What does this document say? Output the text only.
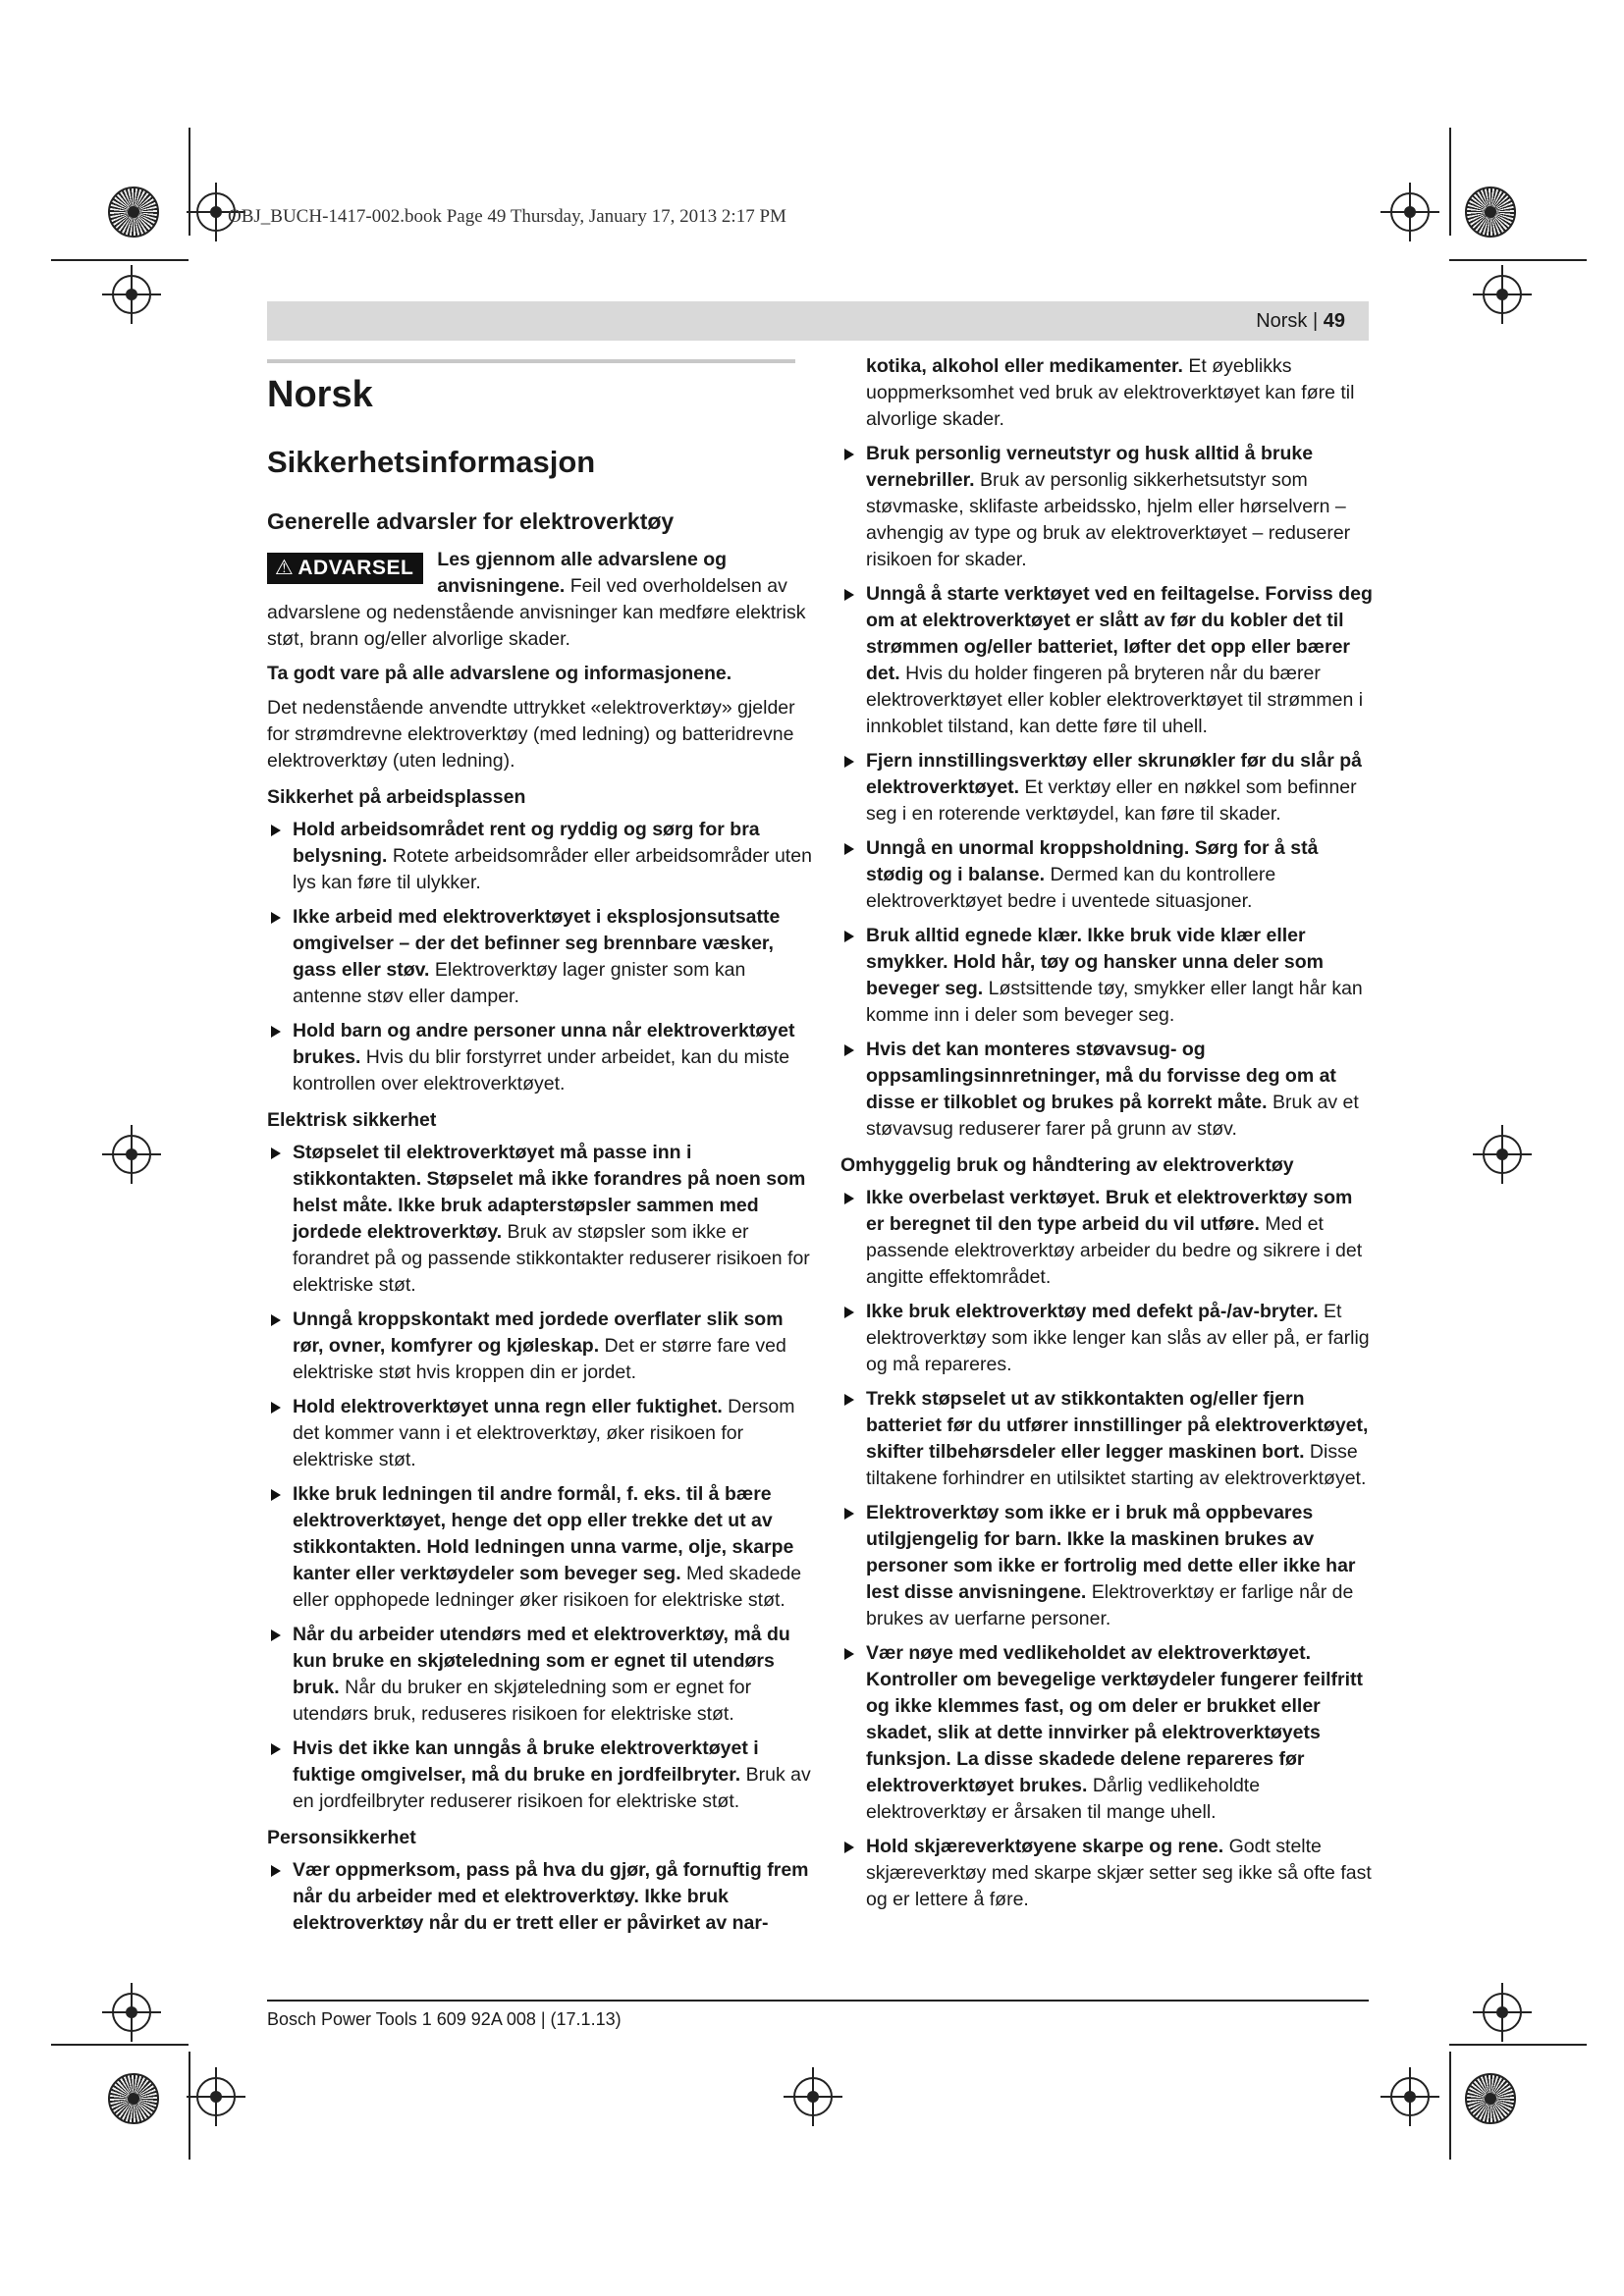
OBJ_BUCH-1417-002.book Page 49 Thursday, January 17, 2013 2:17 PM
Norsk | 49
Norsk
Sikkerhetsinformasjon
Generelle advarsler for elektroverktøy
⚠ ADVARSEL	Les gjennom alle advarslene og anvisningene. Feil ved overholdelsen av advarslene og nedenstående anvisninger kan medføre elektrisk støt, brann og/eller alvorlige skader.

Ta godt vare på alle advarslene og informasjonene.

Det nedenstående anvendte uttrykket «elektroverktøy» gjelder for strømdrevne elektroverktøy (med ledning) og batteridrevne elektroverktøy (uten ledning).

Sikkerhet på arbeidsplassen
Hold arbeidsområdet rent og ryddig og sørg for bra belysning. Rotete arbeidsområder eller arbeidsområder uten lys kan føre til ulykker.
Ikke arbeid med elektroverktøyet i eksplosjonsutsatte omgivelser – der det befinner seg brennbare væsker, gass eller støv. Elektroverktøy lager gnister som kan antenne støv eller damper.
Hold barn og andre personer unna når elektroverktøyet brukes. Hvis du blir forstyrret under arbeidet, kan du miste kontrollen over elektroverktøyet.
Elektrisk sikkerhet
Støpselet til elektroverktøyet må passe inn i stikkontakten. Støpselet må ikke forandres på noen som helst måte. Ikke bruk adapterstøpsler sammen med jordede elektroverktøy. Bruk av støpsler som ikke er forandret på og passende stikkontakter reduserer risikoen for elektriske støt.
Unngå kroppskontakt med jordede overflater slik som rør, ovner, komfyrer og kjøleskap. Det er større fare ved elektriske støt hvis kroppen din er jordet.
Hold elektroverktøyet unna regn eller fuktighet. Dersom det kommer vann i et elektroverktøy, øker risikoen for elektriske støt.
Ikke bruk ledningen til andre formål, f. eks. til å bære elektroverktøyet, henge det opp eller trekke det ut av stikkontakten. Hold ledningen unna varme, olje, skarpe kanter eller verktøydeler som beveger seg. Med skadede eller opphopede ledninger øker risikoen for elektriske støt.
Når du arbeider utendørs med et elektroverktøy, må du kun bruke en skjøteledning som er egnet til utendørs bruk. Når du bruker en skjøteledning som er egnet for utendørs bruk, reduseres risikoen for elektriske støt.
Hvis det ikke kan unngås å bruke elektroverktøyet i fuktige omgivelser, må du bruke en jordfeilbryter. Bruk av en jordfeilbryter reduserer risikoen for elektriske støt.
Personsikkerhet
Vær oppmerksom, pass på hva du gjør, gå fornuftig frem når du arbeider med et elektroverktøy. Ikke bruk elektroverktøy når du er trett eller er påvirket av nar-

kotika, alkohol eller medikamenter. Et øyeblikks uoppmerksomhet ved bruk av elektroverktøyet kan føre til alvorlige skader.

Bruk personlig verneutstyr og husk alltid å bruke vernebriller. Bruk av personlig sikkerhetsutstyr som støvmaske, sklifaste arbeidssko, hjelm eller hørselvern – avhengig av type og bruk av elektroverktøyet – reduserer risikoen for skader.
Unngå å starte verktøyet ved en feiltagelse. Forviss deg om at elektroverktøyet er slått av før du kobler det til strømmen og/eller batteriet, løfter det opp eller bærer det. Hvis du holder fingeren på bryteren når du bærer elektroverktøyet eller kobler elektroverktøyet til strømmen i innkoblet tilstand, kan dette føre til uhell.
Fjern innstillingsverktøy eller skrunøkler før du slår på elektroverktøyet. Et verktøy eller en nøkkel som befinner seg i en roterende verktøydel, kan føre til skader.
Unngå en unormal kroppsholdning. Sørg for å stå stødig og i balanse. Dermed kan du kontrollere elektroverktøyet bedre i uventede situasjoner.
Bruk alltid egnede klær. Ikke bruk vide klær eller smykker. Hold hår, tøy og hansker unna deler som beveger seg. Løstsittende tøy, smykker eller langt hår kan komme inn i deler som beveger seg.
Hvis det kan monteres støvavsug- og oppsamlingsinnretninger, må du forvisse deg om at disse er tilkoblet og brukes på korrekt måte. Bruk av et støvavsug reduserer farer på grunn av støv.
Omhyggelig bruk og håndtering av elektroverktøy
Ikke overbelast verktøyet. Bruk et elektroverktøy som er beregnet til den type arbeid du vil utføre. Med et passende elektroverktøy arbeider du bedre og sikrere i det angitte effektområdet.
Ikke bruk elektroverktøy med defekt på-/av-bryter. Et elektroverktøy som ikke lenger kan slås av eller på, er farlig og må repareres.
Trekk støpselet ut av stikkontakten og/eller fjern batteriet før du utfører innstillinger på elektroverktøyet, skifter tilbehørsdeler eller legger maskinen bort. Disse tiltakene forhindrer en utilsiktet starting av elektroverktøyet.
Elektroverktøy som ikke er i bruk må oppbevares utilgjengelig for barn. Ikke la maskinen brukes av personer som ikke er fortrolig med dette eller ikke har lest disse anvisningene. Elektroverktøy er farlige når de brukes av uerfarne personer.
Vær nøye med vedlikeholdet av elektroverktøyet. Kontroller om bevegelige verktøydeler fungerer feilfritt og ikke klemmes fast, og om deler er brukket eller skadet, slik at dette innvirker på elektroverktøyets funksjon. La disse skadede delene repareres før elektroverktøyet brukes. Dårlig vedlikeholdte elektroverktøy er årsaken til mange uhell.
Hold skjæreverktøyene skarpe og rene. Godt stelte skjæreverktøy med skarpe skjær setter seg ikke så ofte fast og er lettere å føre.
Bosch Power Tools 1 609 92A 008 | (17.1.13)
